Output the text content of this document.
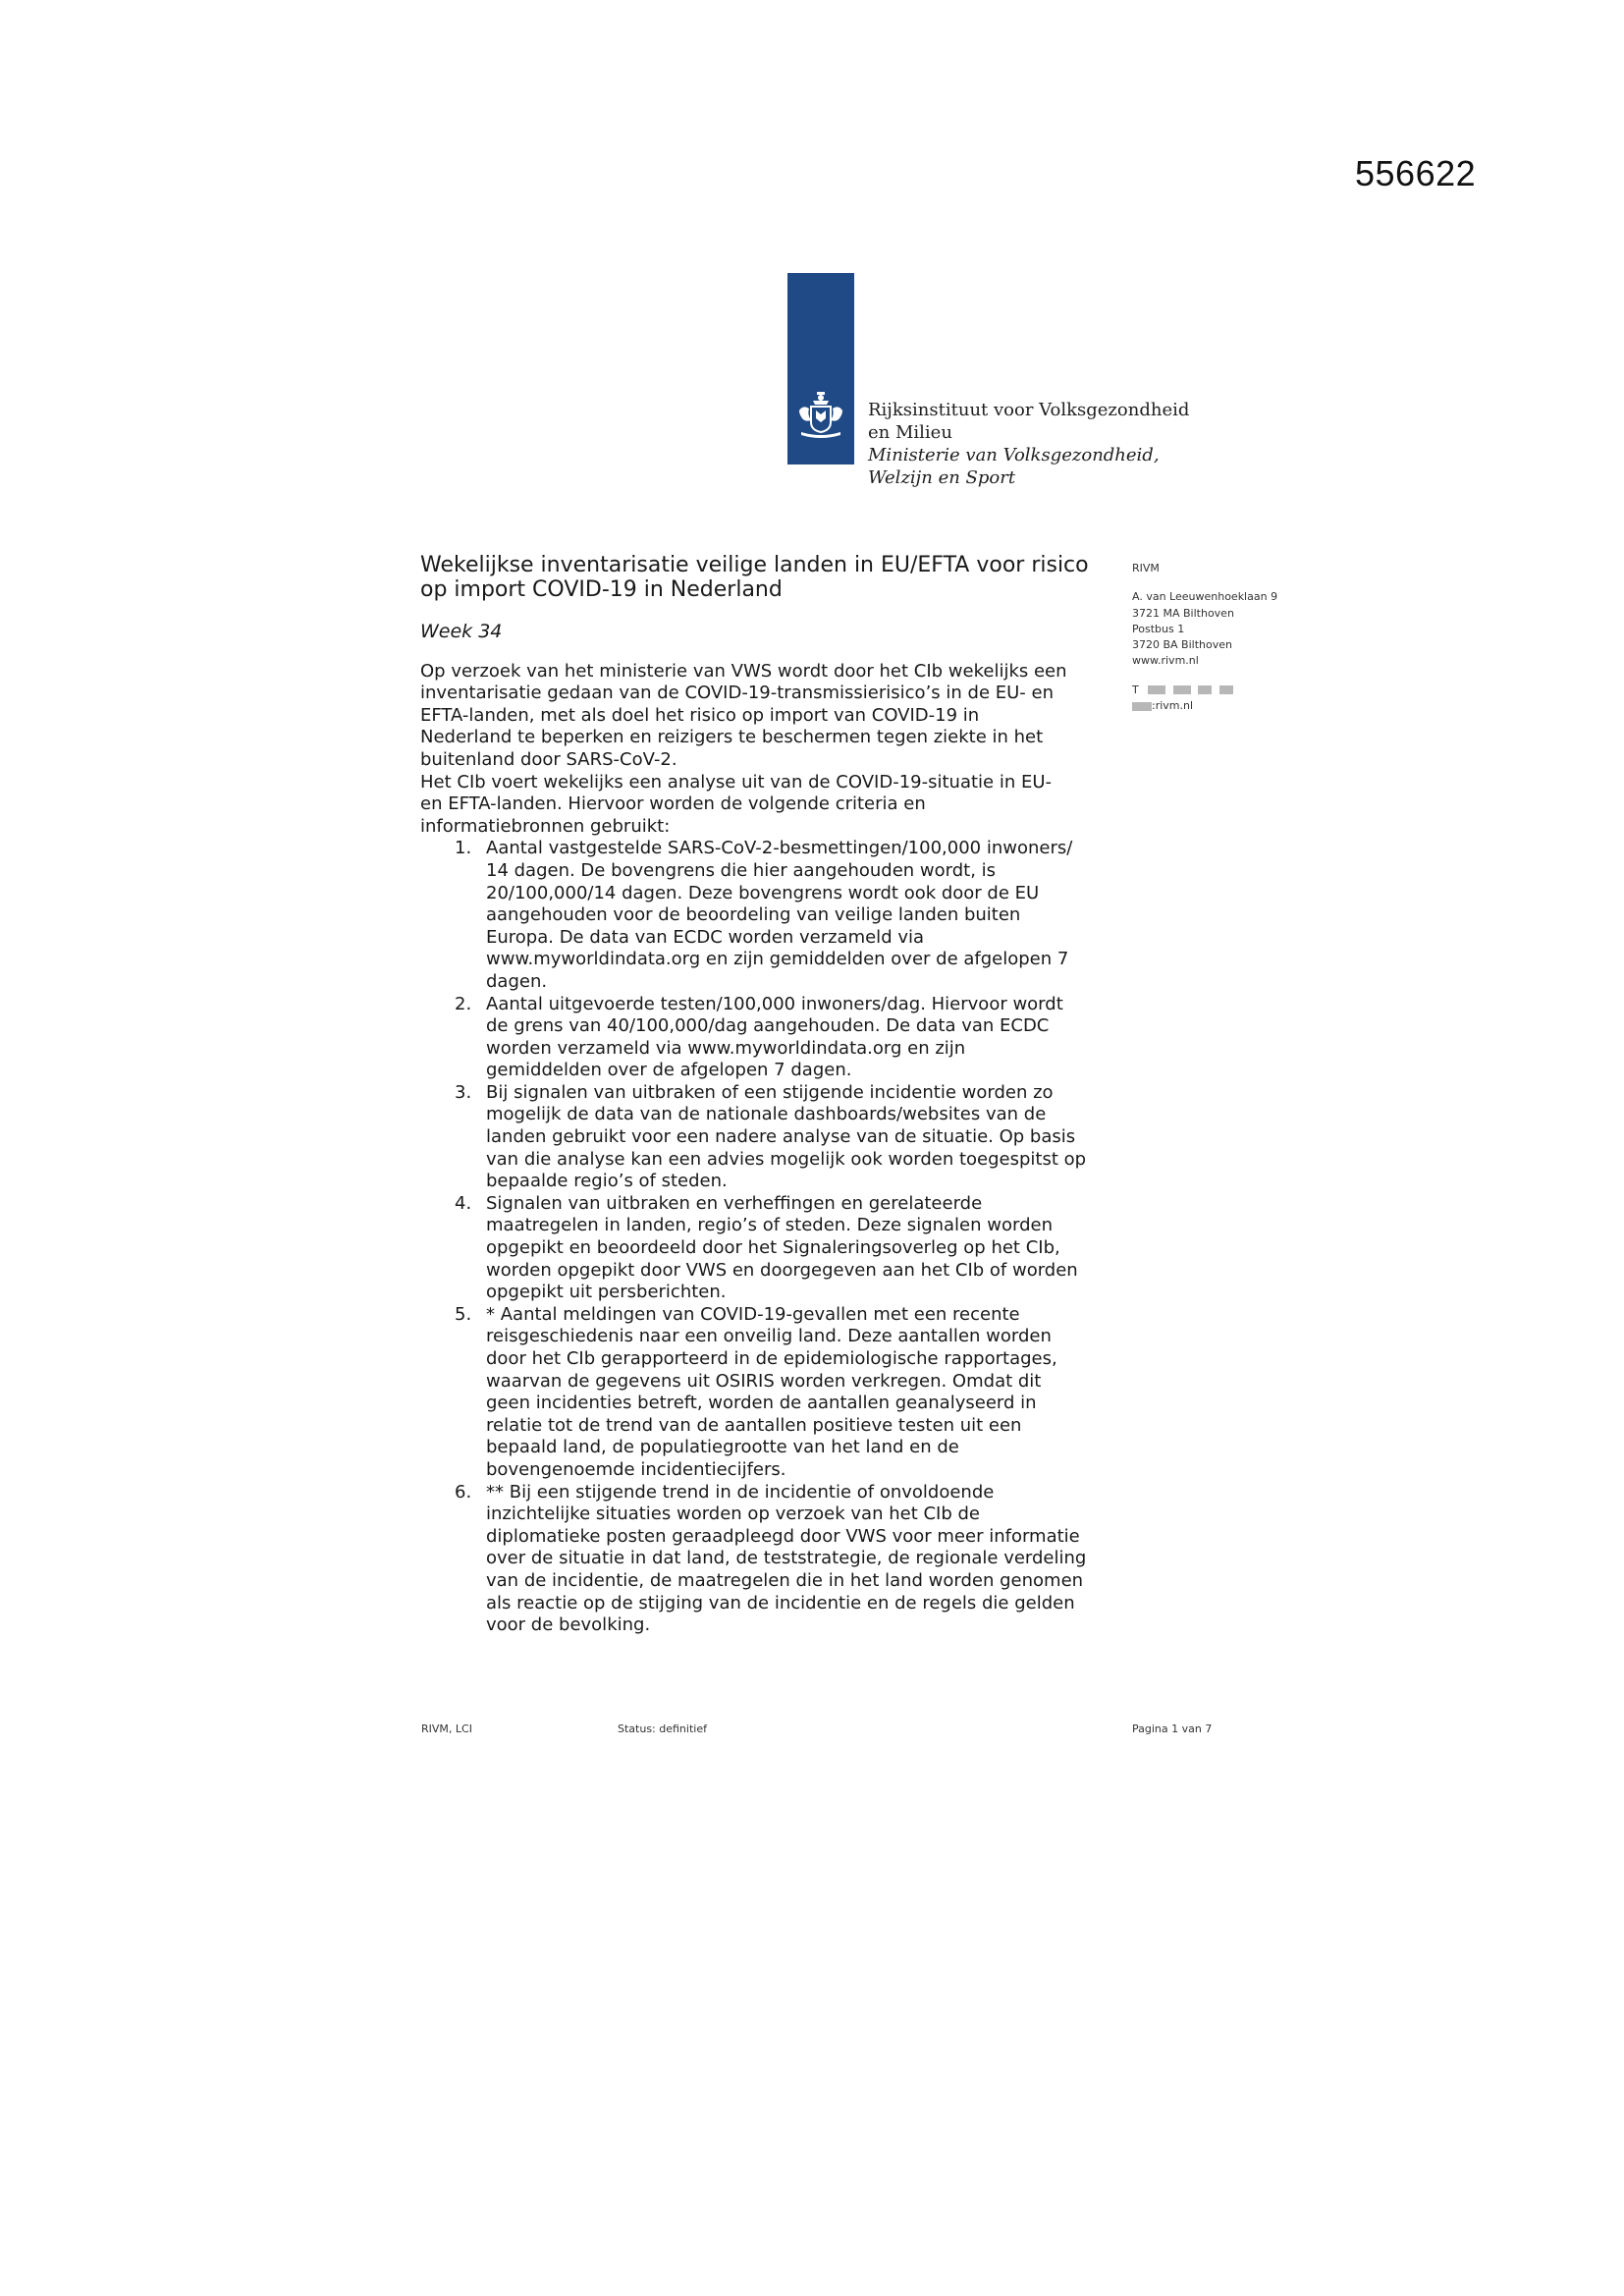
556622
Rijksinstituut voor Volksgezondheid
en Milieu
Ministerie van Volksgezondheid,
Welzijn en Sport
Wekelijkse inventarisatie veilige landen in EU/EFTA voor risico
op import COVID-19 in Nederland
Week 34
Op verzoek van het ministerie van VWS wordt door het CIb wekelijks een
inventarisatie gedaan van de COVID-19-transmissierisico’s in de EU- en
EFTA-landen, met als doel het risico op import van COVID-19 in
Nederland te beperken en reizigers te beschermen tegen ziekte in het
buitenland door SARS-CoV-2.
Het CIb voert wekelijks een analyse uit van de COVID-19-situatie in EU-
en EFTA-landen. Hiervoor worden de volgende criteria en
informatiebronnen gebruikt:
1. Aantal vastgestelde SARS-CoV-2-besmettingen/100,000 inwoners/
14 dagen. De bovengrens die hier aangehouden wordt, is
20/100,000/14 dagen. Deze bovengrens wordt ook door de EU
aangehouden voor de beoordeling van veilige landen buiten
Europa. De data van ECDC worden verzameld via
www.myworldindata.org en zijn gemiddelden over de afgelopen 7
dagen.
2. Aantal uitgevoerde testen/100,000 inwoners/dag. Hiervoor wordt
de grens van 40/100,000/dag aangehouden. De data van ECDC
worden verzameld via www.myworldindata.org en zijn
gemiddelden over de afgelopen 7 dagen.
3. Bij signalen van uitbraken of een stijgende incidentie worden zo
mogelijk de data van de nationale dashboards/websites van de
landen gebruikt voor een nadere analyse van de situatie. Op basis
van die analyse kan een advies mogelijk ook worden toegespitst op
bepaalde regio’s of steden.
4. Signalen van uitbraken en verheffingen en gerelateerde
maatregelen in landen, regio’s of steden. Deze signalen worden
opgepikt en beoordeeld door het Signaleringsoverleg op het CIb,
worden opgepikt door VWS en doorgegeven aan het CIb of worden
opgepikt uit persberichten.
5. * Aantal meldingen van COVID-19-gevallen met een recente
reisgeschiedenis naar een onveilig land. Deze aantallen worden
door het CIb gerapporteerd in de epidemiologische rapportages,
waarvan de gegevens uit OSIRIS worden verkregen. Omdat dit
geen incidenties betreft, worden de aantallen geanalyseerd in
relatie tot de trend van de aantallen positieve testen uit een
bepaald land, de populatiegrootte van het land en de
bovengenoemde incidentiecijfers.
6. ** Bij een stijgende trend in de incidentie of onvoldoende
inzichtelijke situaties worden op verzoek van het CIb de
diplomatieke posten geraadpleegd door VWS voor meer informatie
over de situatie in dat land, de teststrategie, de regionale verdeling
van de incidentie, de maatregelen die in het land worden genomen
als reactie op de stijging van de incidentie en de regels die gelden
voor de bevolking.
RIVM
A. van Leeuwenhoeklaan 9
3721 MA Bilthoven
Postbus 1
3720 BA Bilthoven
www.rivm.nl
T
:rivm.nl
RIVM, LCI	Status: definitief	Pagina 1 van 7
